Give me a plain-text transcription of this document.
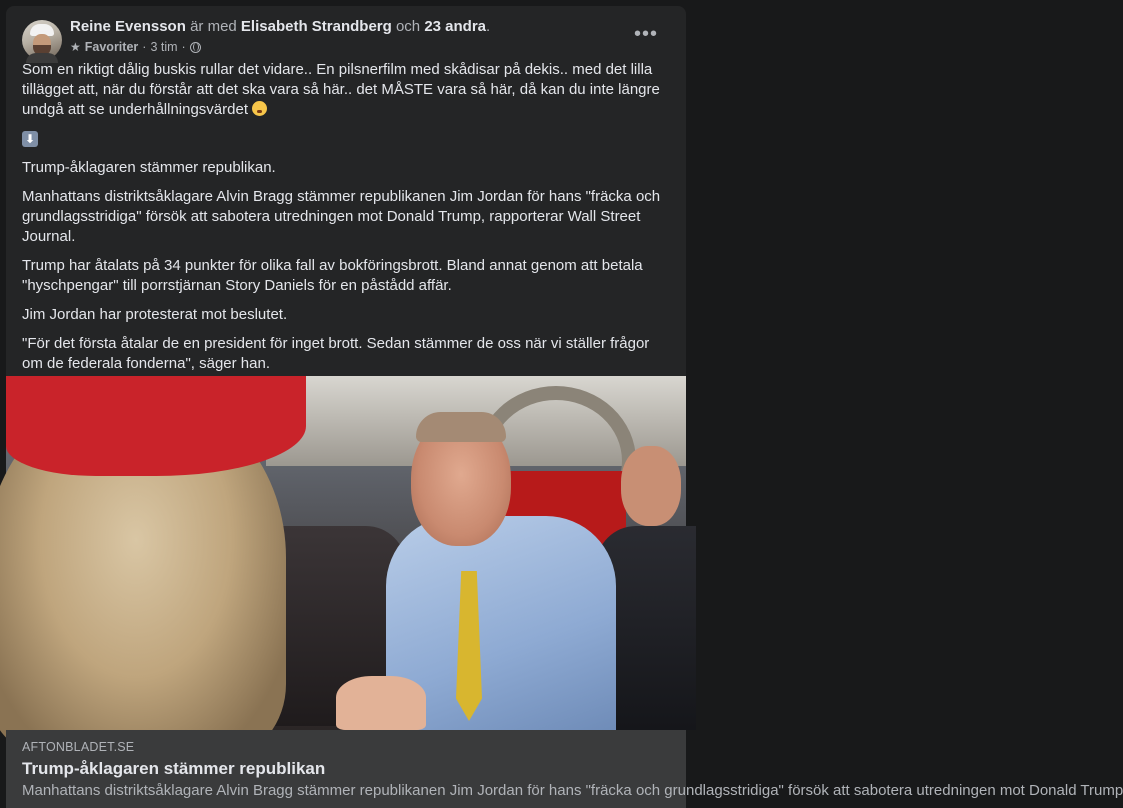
Reine Evensson är med Elisabeth Strandberg och 23 andra.
★ Favoriter · 3 tim ·
•••

Som en riktigt dålig buskis rullar det vidare.. En pilsnerfilm med skådisar på dekis.. med det lilla tillägget att, när du förstår att det ska vara så här.. det MÅSTE vara så här, då kan du inte längre undgå att se underhållningsvärdet

⬇

Trump-åklagaren stämmer republikan.

Manhattans distriktsåklagare Alvin Bragg stämmer republikanen Jim Jordan för hans "fräcka och grundlagsstridiga" försök att sabotera utredningen mot Donald Trump, rapporterar Wall Street Journal.

Trump har åtalats på 34 punkter för olika fall av bokföringsbrott. Bland annat genom att betala "hyschpengar" till porrstjärnan Story Daniels för en påstådd affär.

Jim Jordan har protesterat mot beslutet.

"För det första åtalar de en president för inget brott. Sedan stämmer de oss när vi ställer frågor om de federala fonderna", säger han.

AFTONBLADET.SE
Trump-åklagaren stämmer republikan
Manhattans distriktsåklagare Alvin Bragg stämmer republikanen Jim Jordan för hans "fräcka och grundlagsstridiga" försök att sabotera utredningen mot Donald Trump
